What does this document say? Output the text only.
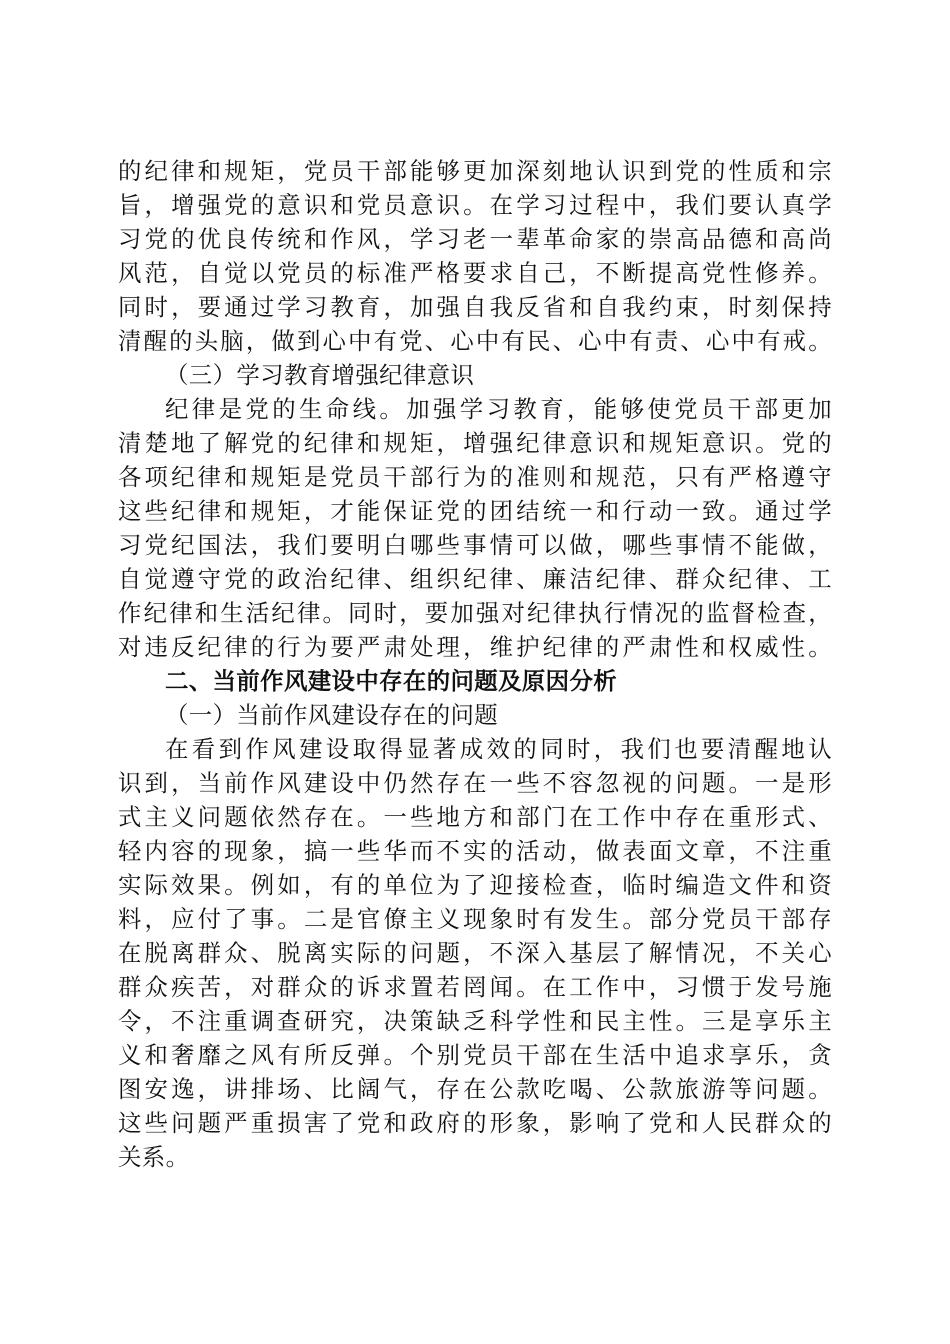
的纪律和规矩，党员干部能够更加深刻地认识到党的性质和宗
旨，增强党的意识和党员意识。在学习过程中，我们要认真学
习党的优良传统和作风，学习老一辈革命家的崇高品德和高尚
风范，自觉以党员的标准严格要求自己，不断提高党性修养。
同时，要通过学习教育，加强自我反省和自我约束，时刻保持
清醒的头脑，做到心中有党、心中有民、心中有责、心中有戒。
（三）学习教育增强纪律意识
纪律是党的生命线。加强学习教育，能够使党员干部更加
清楚地了解党的纪律和规矩，增强纪律意识和规矩意识。党的
各项纪律和规矩是党员干部行为的准则和规范，只有严格遵守
这些纪律和规矩，才能保证党的团结统一和行动一致。通过学
习党纪国法，我们要明白哪些事情可以做，哪些事情不能做，
自觉遵守党的政治纪律、组织纪律、廉洁纪律、群众纪律、工
作纪律和生活纪律。同时，要加强对纪律执行情况的监督检查，
对违反纪律的行为要严肃处理，维护纪律的严肃性和权威性。
二、当前作风建设中存在的问题及原因分析
（一）当前作风建设存在的问题
在看到作风建设取得显著成效的同时，我们也要清醒地认
识到，当前作风建设中仍然存在一些不容忽视的问题。一是形
式主义问题依然存在。一些地方和部门在工作中存在重形式、
轻内容的现象，搞一些华而不实的活动，做表面文章，不注重
实际效果。例如，有的单位为了迎接检查，临时编造文件和资
料，应付了事。二是官僚主义现象时有发生。部分党员干部存
在脱离群众、脱离实际的问题，不深入基层了解情况，不关心
群众疾苦，对群众的诉求置若罔闻。在工作中，习惯于发号施
令，不注重调查研究，决策缺乏科学性和民主性。三是享乐主
义和奢靡之风有所反弹。个别党员干部在生活中追求享乐，贪
图安逸，讲排场、比阔气，存在公款吃喝、公款旅游等问题。
这些问题严重损害了党和政府的形象，影响了党和人民群众的
关系。
